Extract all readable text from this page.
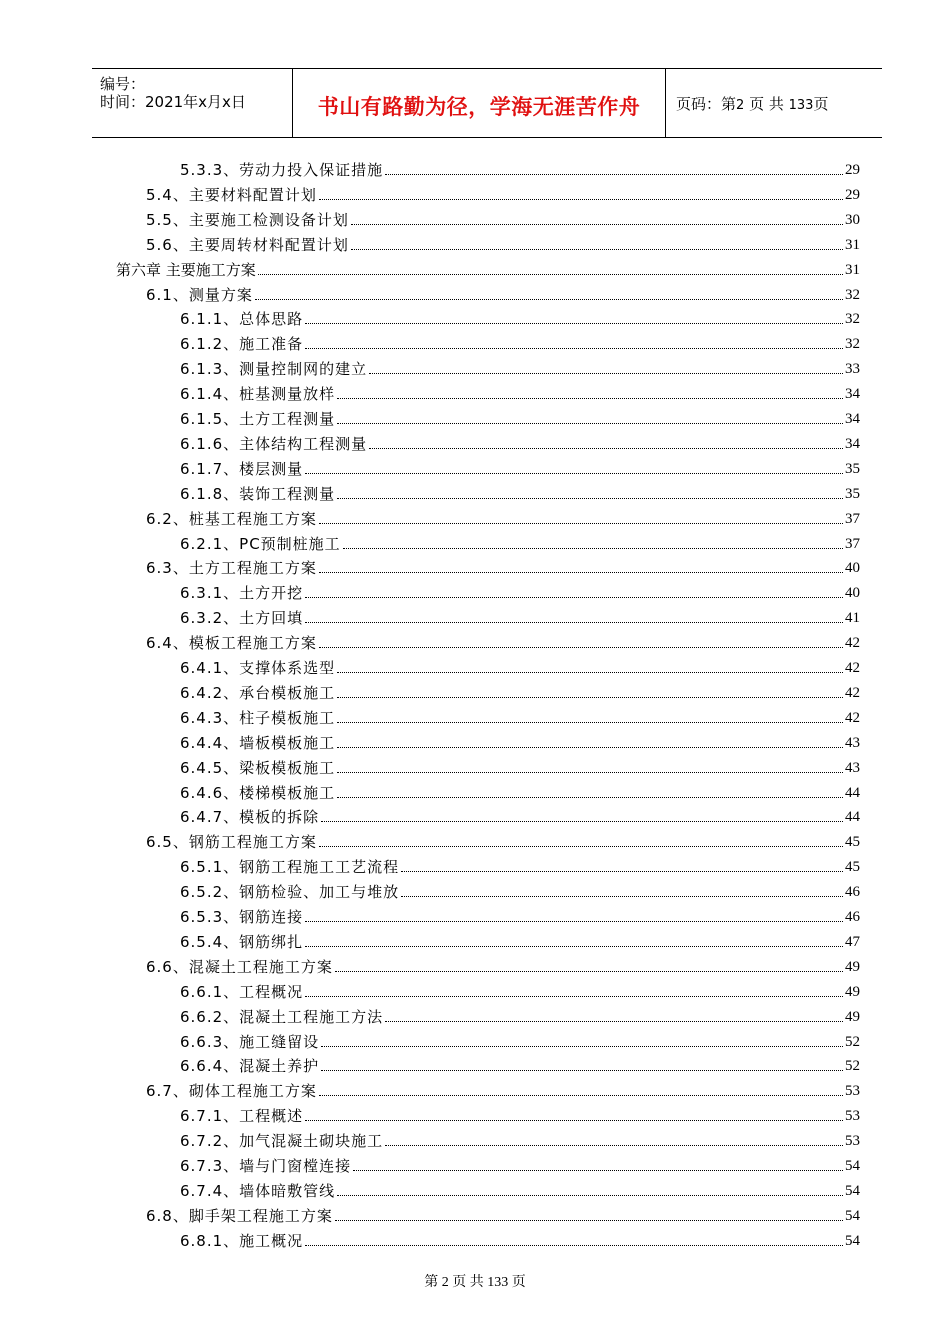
编号：
时间：2021年x月x日	书山有路勤为径，学海无涯苦作舟	页码：第2 页 共 133页
5.3.3、劳动力投入保证措施	29
5.4、主要材料配置计划	29
5.5、主要施工检测设备计划	30
5.6、主要周转材料配置计划	31
第六章 主要施工方案	31
6.1、测量方案	32
6.1.1、总体思路	32
6.1.2、施工准备	32
6.1.3、测量控制网的建立	33
6.1.4、桩基测量放样	34
6.1.5、土方工程测量	34
6.1.6、主体结构工程测量	34
6.1.7、楼层测量	35
6.1.8、装饰工程测量	35
6.2、桩基工程施工方案	37
6.2.1、PC预制桩施工	37
6.3、土方工程施工方案	40
6.3.1、土方开挖	40
6.3.2、土方回填	41
6.4、模板工程施工方案	42
6.4.1、支撑体系选型	42
6.4.2、承台模板施工	42
6.4.3、柱子模板施工	42
6.4.4、墙板模板施工	43
6.4.5、梁板模板施工	43
6.4.6、楼梯模板施工	44
6.4.7、模板的拆除	44
6.5、钢筋工程施工方案	45
6.5.1、钢筋工程施工工艺流程	45
6.5.2、钢筋检验、加工与堆放	46
6.5.3、钢筋连接	46
6.5.4、钢筋绑扎	47
6.6、混凝土工程施工方案	49
6.6.1、工程概况	49
6.6.2、混凝土工程施工方法	49
6.6.3、施工缝留设	52
6.6.4、混凝土养护	52
6.7、砌体工程施工方案	53
6.7.1、工程概述	53
6.7.2、加气混凝土砌块施工	53
6.7.3、墙与门窗樘连接	54
6.7.4、墙体暗敷管线	54
6.8、脚手架工程施工方案	54
6.8.1、施工概况	54
第 2 页 共 133 页
